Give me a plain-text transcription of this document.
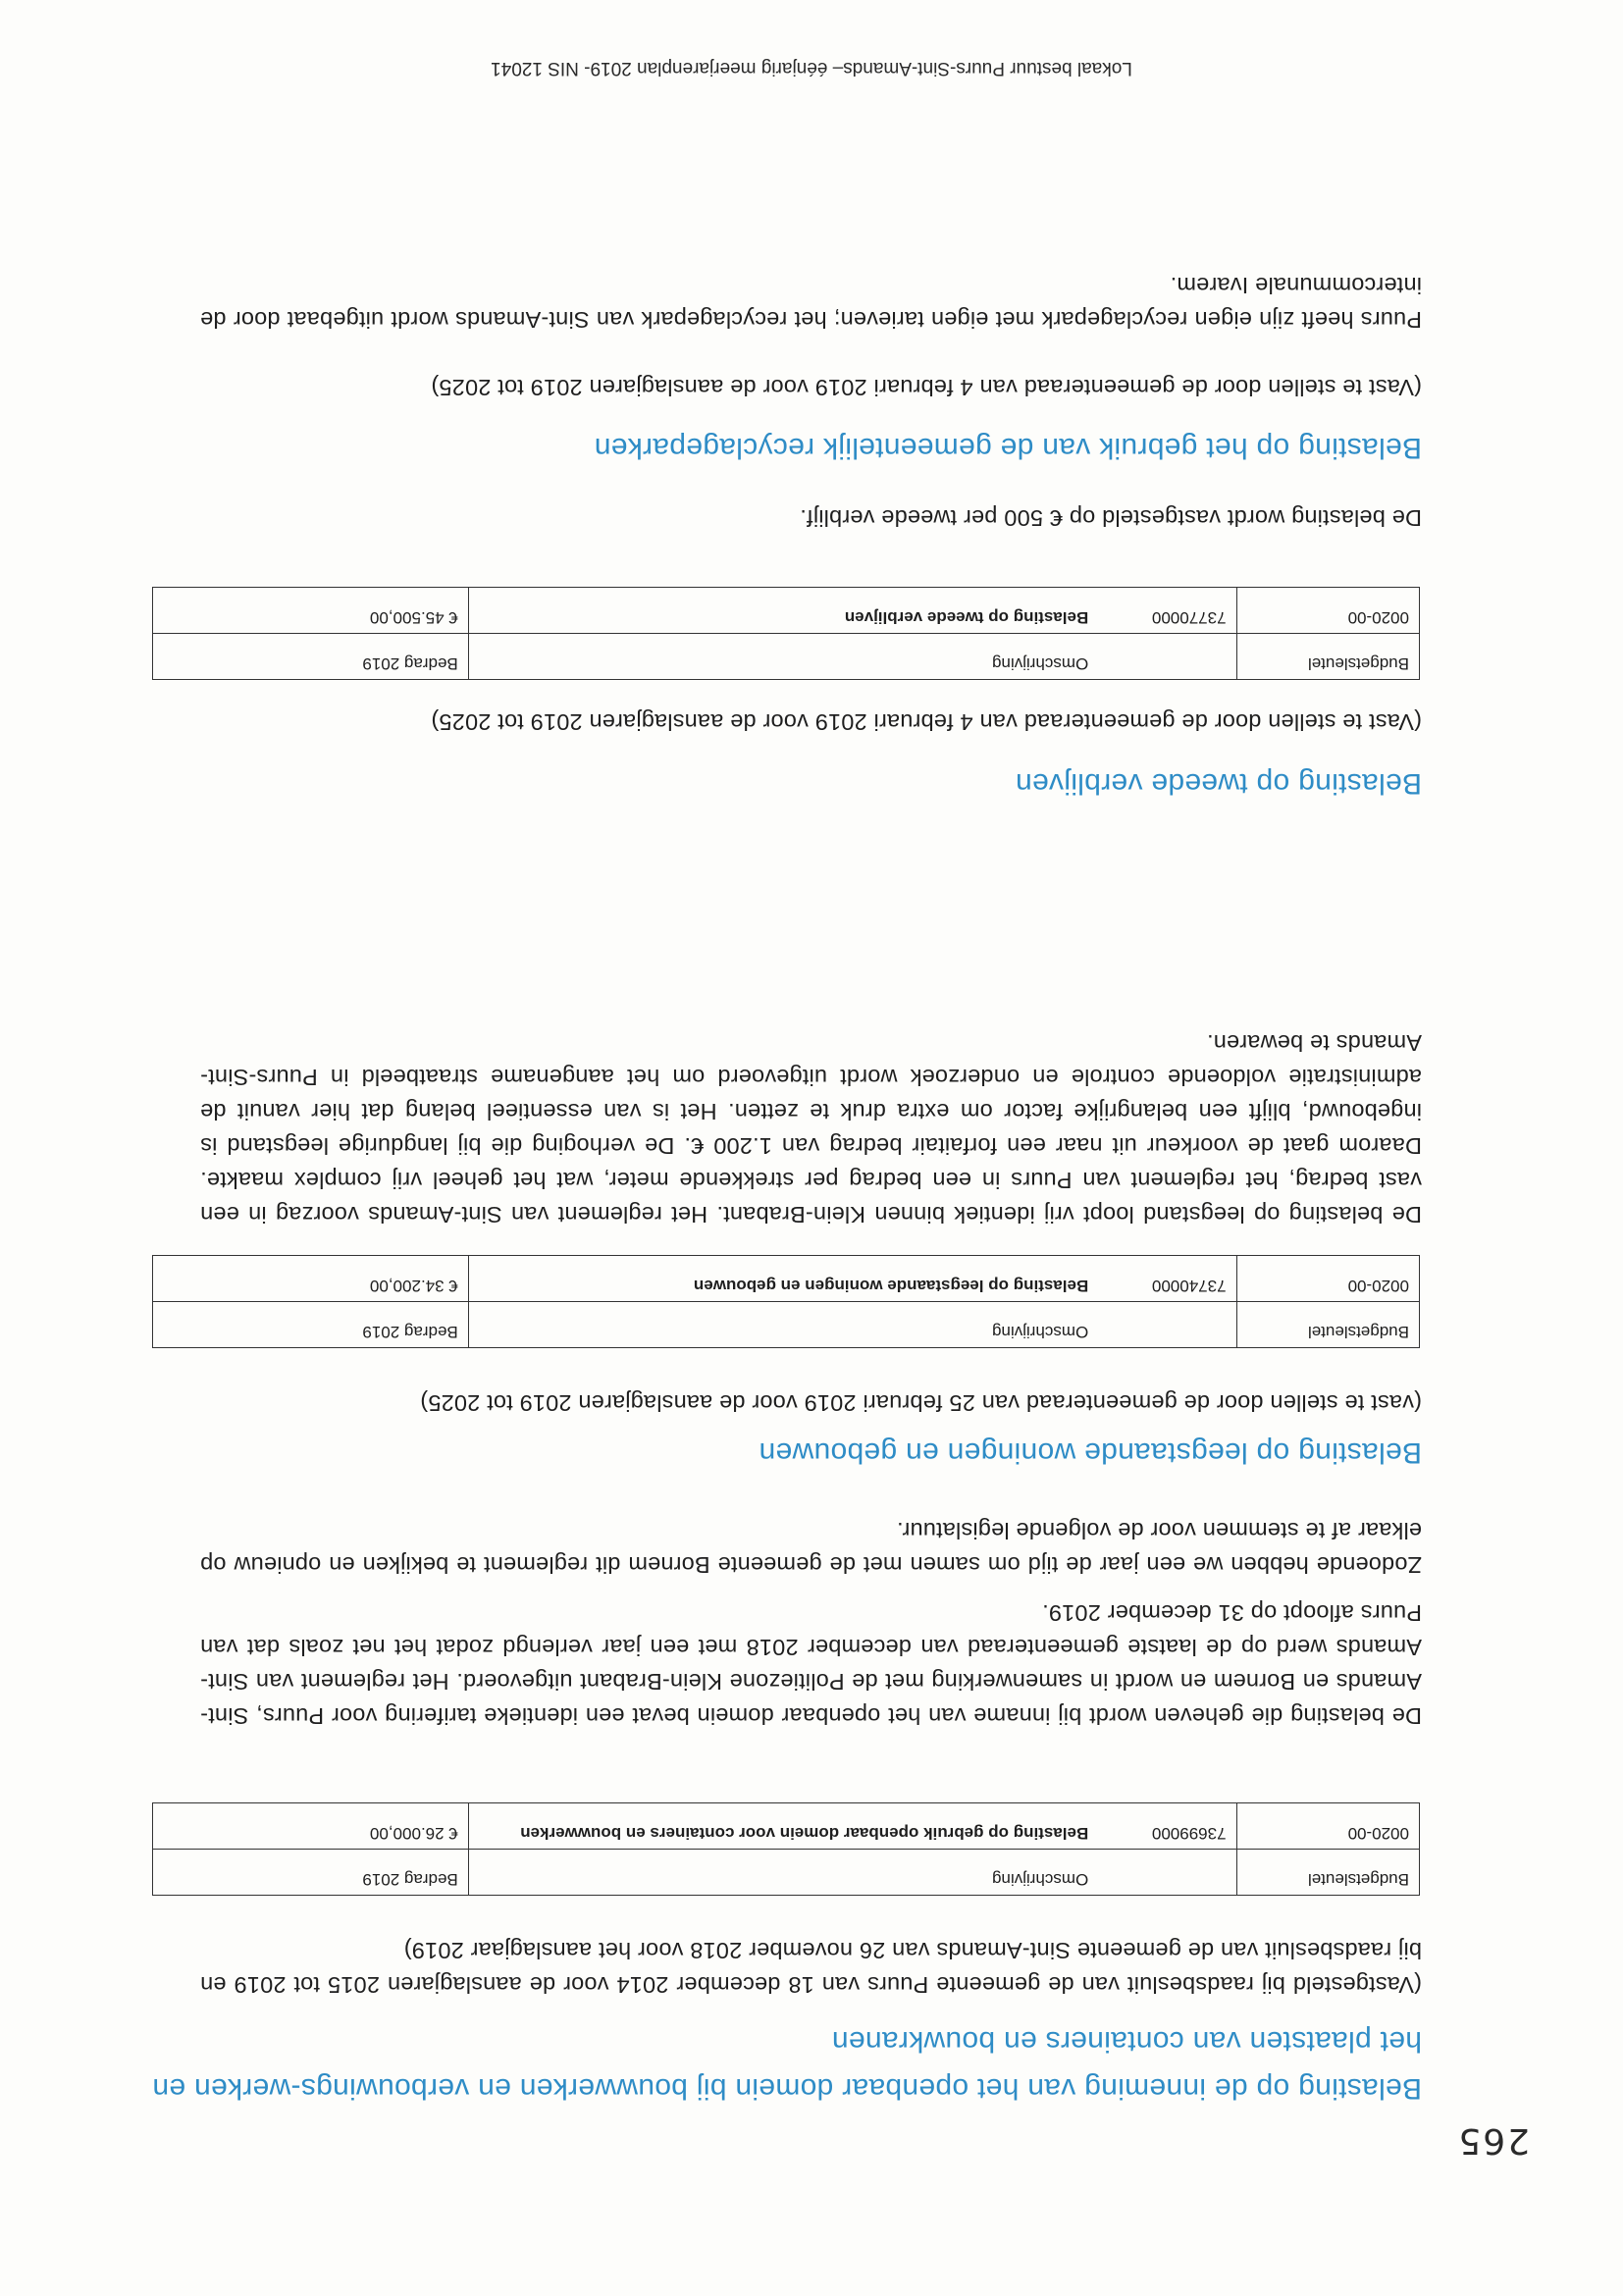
265
Belasting op de inneming van het openbaar domein bij bouwwerken en verbouwings-werken en het plaatsten van containers en bouwkranen
(Vastgesteld bij raadsbesluit van de gemeente Puurs van 18 december 2014 voor de aanslagjaren 2015 tot 2019 en bij raadsbesluit van de gemeente Sint-Amands van 26 november 2018 voor het aanslagjaar 2019)
Budgetsleutel		Omschrijving	Bedrag 2019
0020-00	73699000	Belasting op gebruik openbaar domein voor containers en bouwwerken	€ 26.000,00
De belasting die geheven wordt bij inname van het openbaar domein bevat een identieke tarifering voor Puurs, Sint-Amands en Bornem en wordt in samenwerking met de Politiezone Klein-Brabant uitgevoerd. Het reglement van Sint-Amands werd op de laatste gemeenteraad van december 2018 met een jaar verlengd zodat het net zoals dat van Puurs afloopt op 31 december 2019.
Zodoende hebben we een jaar de tijd om samen met de gemeente Bornem dit reglement te bekijken en opnieuw op elkaar af te stemmen voor de volgende legislatuur.
Belasting op leegstaande woningen en gebouwen
(vast te stellen door de gemeenteraad van 25 februari 2019 voor de aanslagjaren 2019 tot 2025)
Budgetsleutel		Omschrijving	Bedrag 2019
0020-00	73740000	Belasting op leegstaande woningen en gebouwen	€ 34.200,00
De belasting op leegstand loopt vrij identiek binnen Klein-Brabant. Het reglement van Sint-Amands voorzag in een vast bedrag, het reglement van Puurs in een bedrag per strekkende meter, wat het geheel vrij complex maakte. Daarom gaat de voorkeur uit naar een forfaitair bedrag van 1.200 €. De verhoging die bij langdurige leegstand is ingebouwd, blijft een belangrijke factor om extra druk te zetten. Het is van essentieel belang dat hier vanuit de administratie voldoende controle en onderzoek wordt uitgevoerd om het aangename straatbeeld in Puurs-Sint-Amands te bewaren.
Belasting op tweede verblijven
(Vast te stellen door de gemeenteraad van 4 februari 2019 voor de aanslagjaren 2019 tot 2025)
Budgetsleutel		Omschrijving	Bedrag 2019
0020-00	73770000	Belasting op tweede verblijven	€ 45.500,00
De belasting wordt vastgesteld op € 500 per tweede verblijf.
Belasting op het gebruik van de gemeentelijk recyclageparken
(Vast te stellen door de gemeenteraad van 4 februari 2019 voor de aanslagjaren 2019 tot 2025)
Puurs heeft zijn eigen recyclagepark met eigen tarieven; het recyclagepark van Sint-Amands wordt uitgebaat door de intercommunale Ivarem.
Lokaal bestuur Puurs-Sint-Amands– éénjarig meerjarenplan 2019- NIS 12041
